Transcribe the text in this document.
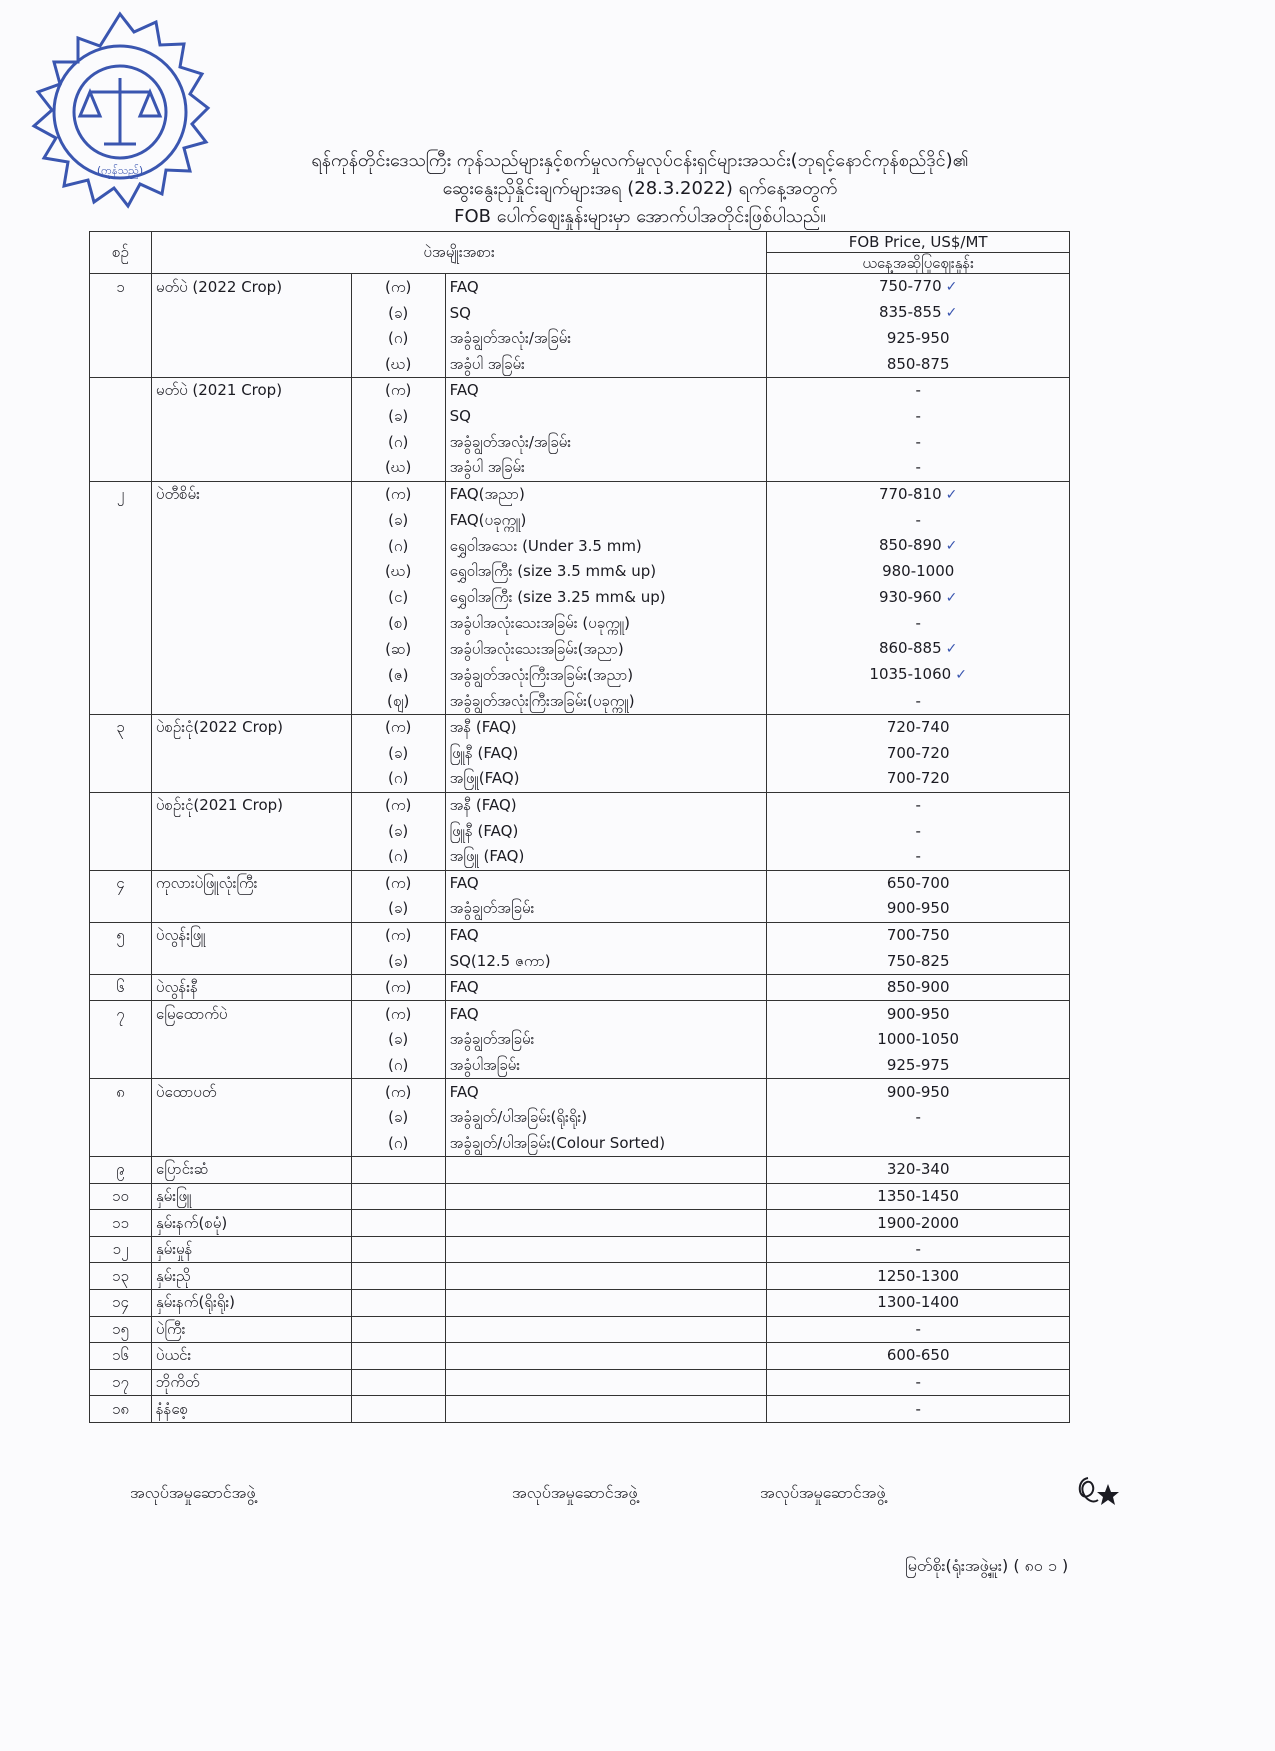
(ကုန်သည်)	ရန်ကုန်တိုင်းဒေသကြီး ကုန်သည်များနှင့်စက်မှုလက်မှုလုပ်ငန်းရှင်များအသင်း(ဘုရင့်နောင်ကုန်စည်ဒိုင်)၏
ဆွေးနွေးညှိနှိုင်းချက်များအရ (28.3.2022) ရက်နေ့အတွက်
FOB ပေါက်ဈေးနှုန်းများမှာ အောက်ပါအတိုင်းဖြစ်ပါသည်။
စဉ်	ပဲအမျိုးအစား			FOB Price, US$/MT
				ယနေ့အဆိုပြုဈေးနှုန်း
၁	မတ်ပဲ (2022 Crop)	(က)	FAQ	750-770 ✓
		(ခ)	SQ	835-855 ✓
		(ဂ)	အခွံချွတ်အလုံး/အခြမ်း	925-950
		(ဃ)	အခွံပါ အခြမ်း	850-875
	မတ်ပဲ (2021 Crop)	(က)	FAQ	-
		(ခ)	SQ	-
		(ဂ)	အခွံချွတ်အလုံး/အခြမ်း	-
		(ဃ)	အခွံပါ အခြမ်း	-
၂	ပဲတီစိမ်း	(က)	FAQ(အညာ)	770-810 ✓
		(ခ)	FAQ(ပခုက္ကူ)	-
		(ဂ)	ရွှေဝါအသေး (Under 3.5 mm)	850-890 ✓
		(ဃ)	ရွှေဝါအကြီး (size 3.5 mm& up)	980-1000
		(င)	ရွှေဝါအကြီး (size 3.25 mm& up)	930-960 ✓
		(စ)	အခွံပါအလုံးသေးအခြမ်း (ပခုက္ကူ)	-
		(ဆ)	အခွံပါအလုံးသေးအခြမ်း(အညာ)	860-885 ✓
		(ဇ)	အခွံချွတ်အလုံးကြီးအခြမ်း(အညာ)	1035-1060 ✓
		(ဈ)	အခွံချွတ်အလုံးကြီးအခြမ်း(ပခုက္ကူ)	-
၃	ပဲစဉ်းငုံ(2022 Crop)	(က)	အနီ (FAQ)	720-740
		(ခ)	ဖြူနီ (FAQ)	700-720
		(ဂ)	အဖြူ(FAQ)	700-720
	ပဲစဉ်းငုံ(2021 Crop)	(က)	အနီ (FAQ)	-
		(ခ)	ဖြူနီ (FAQ)	-
		(ဂ)	အဖြူ (FAQ)	-
၄	ကုလားပဲဖြူလုံးကြီး	(က)	FAQ	650-700
		(ခ)	အခွံချွတ်အခြမ်း	900-950
၅	ပဲလွန်းဖြူ	(က)	FAQ	700-750
		(ခ)	SQ(12.5 ဇကာ)	750-825
၆	ပဲလွန်းနီ	(က)	FAQ	850-900
၇	မြေထောက်ပဲ	(က)	FAQ	900-950
		(ခ)	အခွံချွတ်အခြမ်း	1000-1050
		(ဂ)	အခွံပါအခြမ်း	925-975
၈	ပဲထောပတ်	(က)	FAQ	900-950
		(ခ)	အခွံချွတ်/ပါအခြမ်း(ရိုးရိုး)	-
		(ဂ)	အခွံချွတ်/ပါအခြမ်း(Colour Sorted)	
၉	ပြောင်းဆံ			320-340
၁၀	နှမ်းဖြူ			1350-1450
၁၁	နှမ်းနက်(စမုံ)			1900-2000
၁၂	နှမ်းမှုန်			-
၁၃	နှမ်းညို			1250-1300
၁၄	နှမ်းနက်(ရိုးရိုး)			1300-1400
၁၅	ပဲကြီး			-
၁၆	ပဲယင်း			600-650
၁၇	ဘိုကိတ်			-
၁၈	နံနံစေ့			-
အလုပ်အမှုဆောင်အဖွဲ့	အလုပ်အမှုဆောင်အဖွဲ့	အလုပ်အမှုဆောင်အဖွဲ့
မြတ်စိုး(ရုံးအဖွဲ့မှူး) ( ၈၀ ၁ )
